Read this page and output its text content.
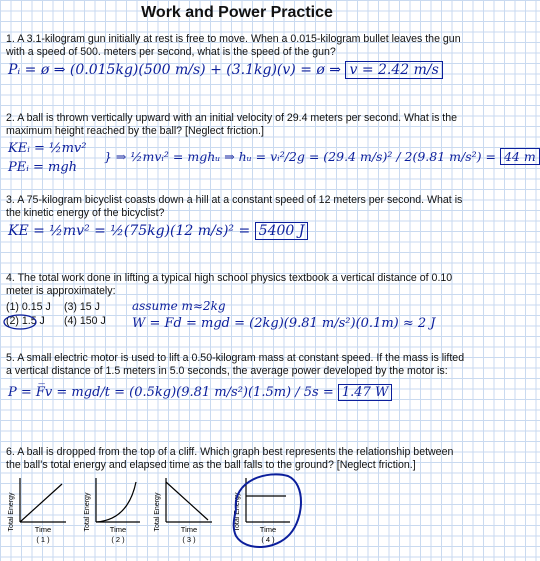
Work and Power Practice
1. A 3.1-kilogram gun initially at rest is free to move. When a 0.015-kilogram bullet leaves the gun with a speed of 500. meters per second, what is the speed of the gun?
Pᵢ = ø ⇒ (0.015kg)(500 m/s) + (3.1kg)(v) = ø ⇒ v = 2.42 m/s
2. A ball is thrown vertically upward with an initial velocity of 29.4 meters per second. What is the maximum height reached by the ball? [Neglect friction.]
KEᵢ = ½mv²
PEᵢ = mgh
} ⇒ ½mvᵢ² = mghᵤ ⇒ hᵤ = vᵢ²/2g = (29.4 m/s)² / 2(9.81 m/s²) = 44 m
3. A 75-kilogram bicyclist coasts down a hill at a constant speed of 12 meters per second. What is the kinetic energy of the bicyclist?
KE = ½mv² = ½(75kg)(12 m/s)² = 5400 J
4. The total work done in lifting a typical high school physics textbook a vertical distance of 0.10 meter is approximately:
(1) 0.15 J
(2) 1.5 J
(3) 15 J
(4) 150 J
assume m≈2kg
W = Fd = mgd = (2kg)(9.81 m/s²)(0.1m) ≈ 2 J
5. A small electric motor is used to lift a 0.50-kilogram mass at constant speed. If the mass is lifted a vertical distance of 1.5 meters in 5.0 seconds, the average power developed by the motor is:
P = F̅v = mgd/t = (0.5kg)(9.81 m/s²)(1.5m) / 5s = 1.47 W
6. A ball is dropped from the top of a cliff. Which graph best represents the relationship between the ball’s total energy and elapsed time as the ball falls to the ground? [Neglect friction.]
Total Energy	Time
( 1 )
Total Energy	Time
( 2 )
Total Energy	Time
( 3 )
Total Energy	Time
( 4 )
